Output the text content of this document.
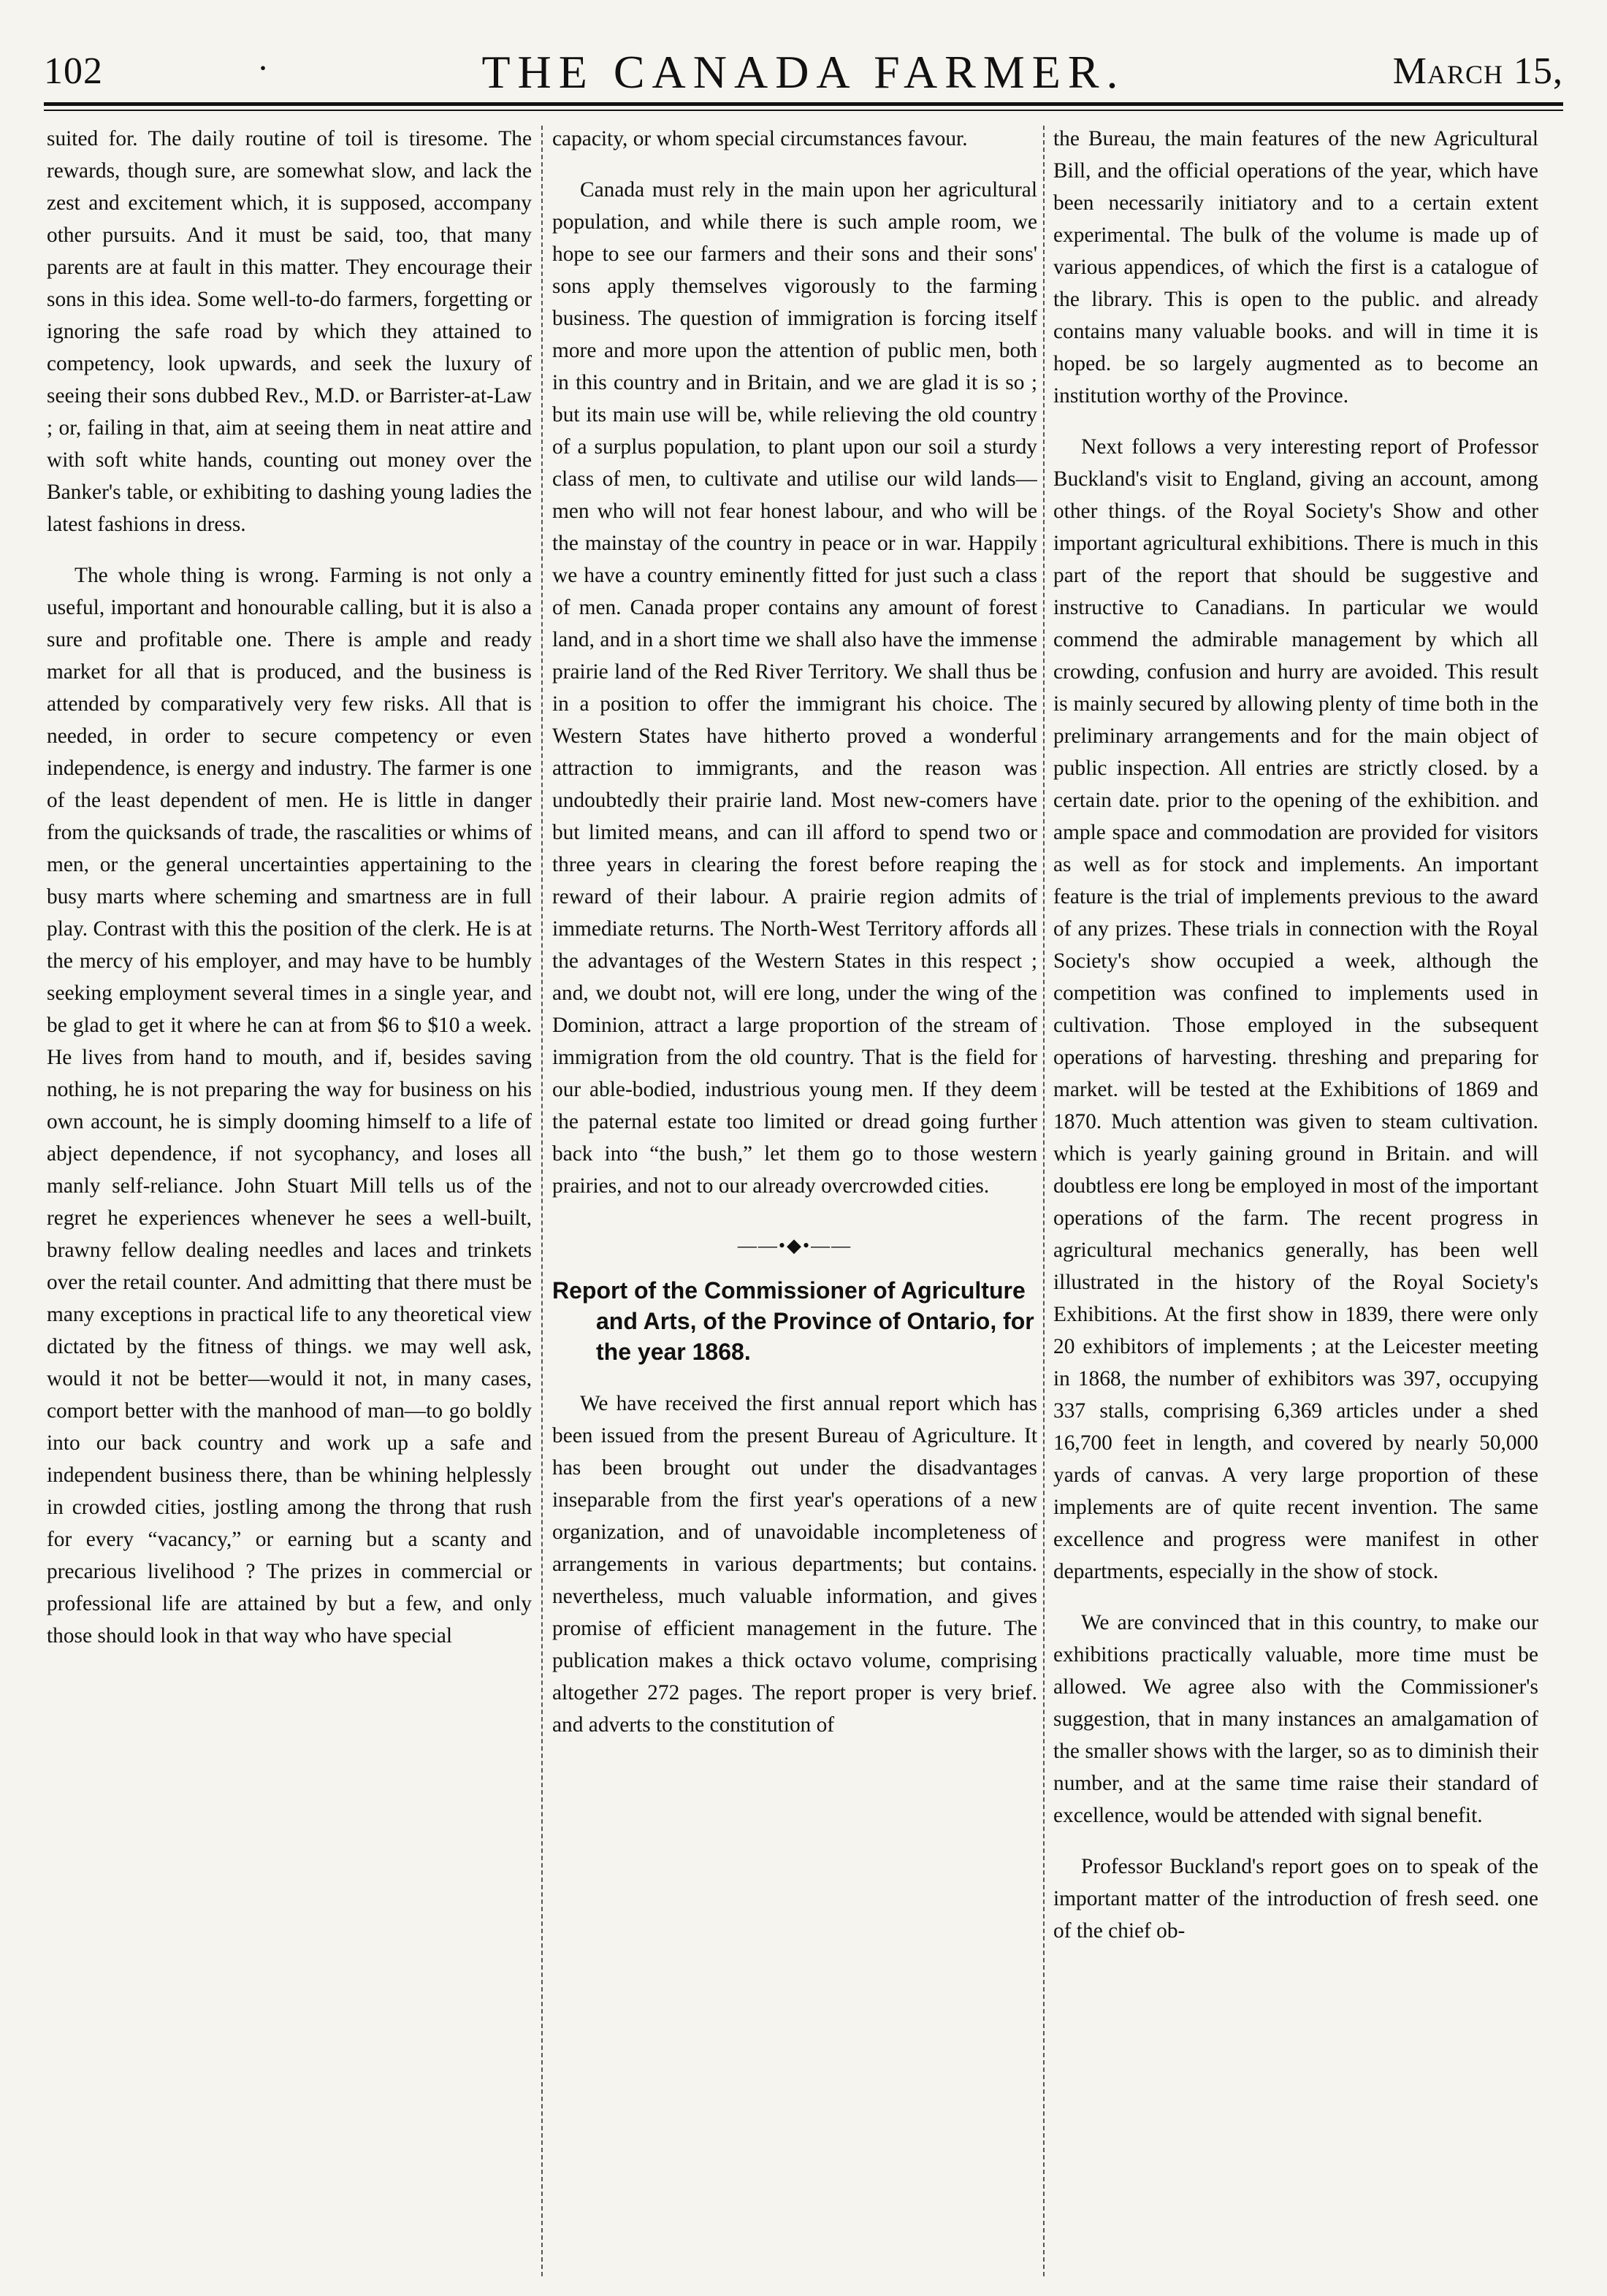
102	·	THE CANADA FARMER.	March 15,

suited for. The daily routine of toil is tiresome. The rewards, though sure, are somewhat slow, and lack the zest and excitement which, it is supposed, accompany other pursuits. And it must be said, too, that many parents are at fault in this matter. They encourage their sons in this idea. Some well-to-do farmers, forgetting or ignoring the safe road by which they attained to competency, look upwards, and seek the luxury of seeing their sons dubbed Rev., M.D. or Barrister-at-Law ; or, failing in that, aim at seeing them in neat attire and with soft white hands, counting out money over the Banker's table, or exhibiting to dashing young ladies the latest fashions in dress.

The whole thing is wrong. Farming is not only a useful, important and honourable calling, but it is also a sure and profitable one. There is ample and ready market for all that is produced, and the business is attended by comparatively very few risks. All that is needed, in order to secure competency or even independence, is energy and industry. The farmer is one of the least dependent of men. He is little in danger from the quicksands of trade, the rascalities or whims of men, or the general uncertainties appertaining to the busy marts where scheming and smartness are in full play. Contrast with this the position of the clerk. He is at the mercy of his employer, and may have to be humbly seeking employment several times in a single year, and be glad to get it where he can at from $6 to $10 a week. He lives from hand to mouth, and if, besides saving nothing, he is not preparing the way for business on his own account, he is simply dooming himself to a life of abject dependence, if not sycophancy, and loses all manly self-reliance. John Stuart Mill tells us of the regret he experiences whenever he sees a well-built, brawny fellow dealing needles and laces and trinkets over the retail counter. And admitting that there must be many exceptions in practical life to any theoretical view dictated by the fitness of things. we may well ask, would it not be better—would it not, in many cases, comport better with the manhood of man—to go boldly into our back country and work up a safe and independent business there, than be whining helplessly in crowded cities, jostling among the throng that rush for every “vacancy,” or earning but a scanty and precarious livelihood ? The prizes in commercial or professional life are attained by but a few, and only those should look in that way who have special

capacity, or whom special circumstances favour.

Canada must rely in the main upon her agricultural population, and while there is such ample room, we hope to see our farmers and their sons and their sons' sons apply themselves vigorously to the farming business. The question of immigration is forcing itself more and more upon the attention of public men, both in this country and in Britain, and we are glad it is so ; but its main use will be, while relieving the old country of a surplus population, to plant upon our soil a sturdy class of men, to cultivate and utilise our wild lands—men who will not fear honest labour, and who will be the mainstay of the country in peace or in war. Happily we have a country eminently fitted for just such a class of men. Canada proper contains any amount of forest land, and in a short time we shall also have the immense prairie land of the Red River Territory. We shall thus be in a position to offer the immigrant his choice. The Western States have hitherto proved a wonderful attraction to immigrants, and the reason was undoubtedly their prairie land. Most new-comers have but limited means, and can ill afford to spend two or three years in clearing the forest before reaping the reward of their labour. A prairie region admits of immediate returns. The North-West Territory affords all the advantages of the Western States in this respect ; and, we doubt not, will ere long, under the wing of the Dominion, attract a large proportion of the stream of immigration from the old country. That is the field for our able-bodied, industrious young men. If they deem the paternal estate too limited or dread going further back into “the bush,” let them go to those western prairies, and not to our already overcrowded cities.

——•◆•——
Report of the Commissioner of Agriculture and Arts, of the Province of Ontario, for the year 1868.

We have received the first annual report which has been issued from the present Bureau of Agriculture. It has been brought out under the disadvantages inseparable from the first year's operations of a new organization, and of unavoidable incompleteness of arrangements in various departments; but contains. nevertheless, much valuable information, and gives promise of efficient management in the future. The publication makes a thick octavo volume, comprising altogether 272 pages. The report proper is very brief. and adverts to the constitution of

the Bureau, the main features of the new Agricultural Bill, and the official operations of the year, which have been necessarily initiatory and to a certain extent experimental. The bulk of the volume is made up of various appendices, of which the first is a catalogue of the library. This is open to the public. and already contains many valuable books. and will in time it is hoped. be so largely augmented as to become an institution worthy of the Province.

Next follows a very interesting report of Professor Buckland's visit to England, giving an account, among other things. of the Royal Society's Show and other important agricultural exhibitions. There is much in this part of the report that should be suggestive and instructive to Canadians. In particular we would commend the admirable management by which all crowding, confusion and hurry are avoided. This result is mainly secured by allowing plenty of time both in the preliminary arrangements and for the main object of public inspection. All entries are strictly closed. by a certain date. prior to the opening of the exhibition. and ample space and commodation are provided for visitors as well as for stock and implements. An important feature is the trial of implements previous to the award of any prizes. These trials in connection with the Royal Society's show occupied a week, although the competition was confined to implements used in cultivation. Those employed in the subsequent operations of harvesting. threshing and preparing for market. will be tested at the Exhibitions of 1869 and 1870. Much attention was given to steam cultivation. which is yearly gaining ground in Britain. and will doubtless ere long be employed in most of the important operations of the farm. The recent progress in agricultural mechanics generally, has been well illustrated in the history of the Royal Society's Exhibitions. At the first show in 1839, there were only 20 exhibitors of implements ; at the Leicester meeting in 1868, the number of exhibitors was 397, occupying 337 stalls, comprising 6,369 articles under a shed 16,700 feet in length, and covered by nearly 50,000 yards of canvas. A very large proportion of these implements are of quite recent invention. The same excellence and progress were manifest in other departments, especially in the show of stock.

We are convinced that in this country, to make our exhibitions practically valuable, more time must be allowed. We agree also with the Commissioner's suggestion, that in many instances an amalgamation of the smaller shows with the larger, so as to diminish their number, and at the same time raise their standard of excellence, would be attended with signal benefit.

Professor Buckland's report goes on to speak of the important matter of the introduction of fresh seed. one of the chief ob-
